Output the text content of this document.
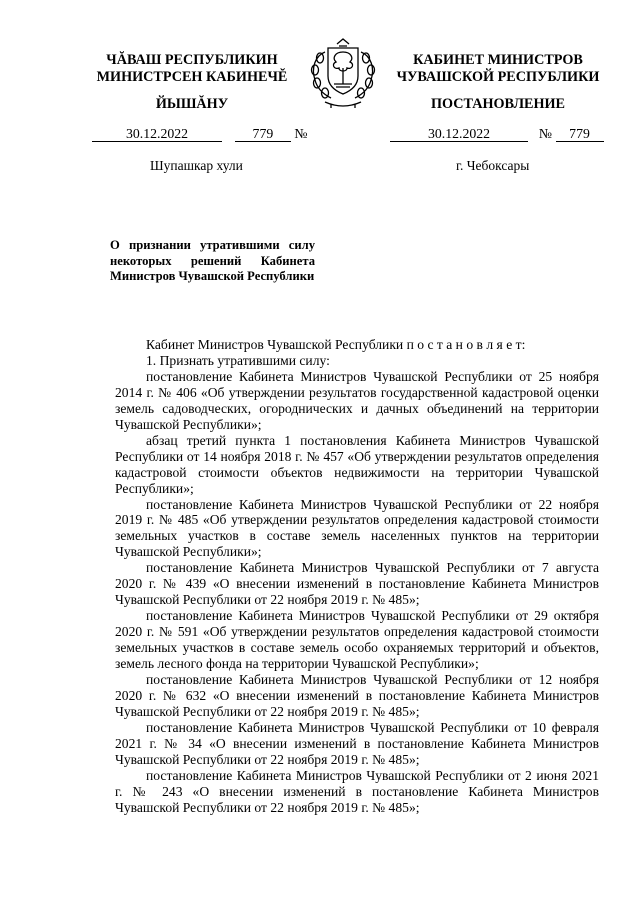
ЧĂВАШ РЕСПУБЛИКИН
МИНИСТРСЕН КАБИНЕЧĔ
ЙЫШĂНУ
КАБИНЕТ МИНИСТРОВ
ЧУВАШСКОЙ РЕСПУБЛИКИ
ПОСТАНОВЛЕНИЕ
30.12.2022	779 №	30.12.2022	№ 779
Шупашкар хули	г. Чебоксары
О признании утратившими силу некоторых решений Кабинета Министров Чувашской Республики

Кабинет Министров Чувашской Республики п о с т а н о в л я е т:

1. Признать утратившими силу:

постановление Кабинета Министров Чувашской Республики от 25 ноября 2014 г. № 406 «Об утверждении результатов государственной кадастровой оценки земель садоводческих, огороднических и дачных объединений на территории Чувашской Республики»;

абзац третий пункта 1 постановления Кабинета Министров Чувашской Республики от 14 ноября 2018 г. № 457 «Об утверждении результатов определения кадастровой стоимости объектов недвижимости на территории Чувашской Республики»;

постановление Кабинета Министров Чувашской Республики от 22 ноября 2019 г. № 485 «Об утверждении результатов определения кадастровой стоимости земельных участков в составе земель населенных пунктов на территории Чувашской Республики»;

постановление Кабинета Министров Чувашской Республики от 7 августа 2020 г. № 439 «О внесении изменений в постановление Кабинета Министров Чувашской Республики от 22 ноября 2019 г. № 485»;

постановление Кабинета Министров Чувашской Республики от 29 октября 2020 г. № 591 «Об утверждении результатов определения кадастровой стоимости земельных участков в составе земель особо охраняемых территорий и объектов, земель лесного фонда на территории Чувашской Республики»;

постановление Кабинета Министров Чувашской Республики от 12 ноября 2020 г. № 632 «О внесении изменений в постановление Кабинета Министров Чувашской Республики от 22 ноября 2019 г. № 485»;

постановление Кабинета Министров Чувашской Республики от 10 февраля 2021 г. № 34 «О внесении изменений в постановление Кабинета Министров Чувашской Республики от 22 ноября 2019 г. № 485»;

постановление Кабинета Министров Чувашской Республики от 2 июня 2021 г. № 243 «О внесении изменений в постановление Кабинета Министров Чувашской Республики от 22 ноября 2019 г. № 485»;
